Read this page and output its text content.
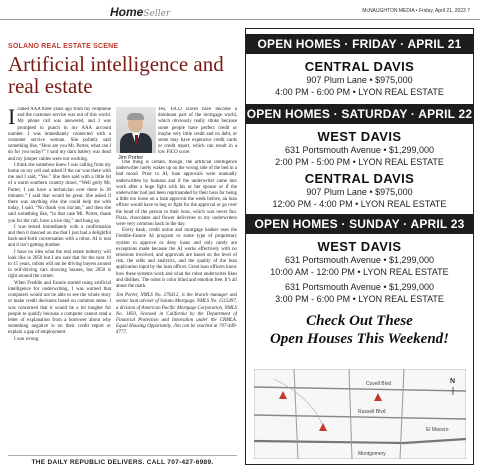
HomeSeller	McNAUGHTON MEDIA • Friday, April 21, 2023 7
SOLANO REAL ESTATE SCENE
Artificial intelligence and real estate

Icalled AAA three years ago from my cellphone and the customer service was out of this world. My phone call was answered, and I was prompted to punch in my AAA account number. I was immediately connected with a customer service woman. She politely said something like, “How are you Mr. Porter, what can I do for you today?” I said my darn battery was dead and my jumper cables were not working.

I think she somehow knew I was calling from my home on my cell and asked if the car was there with me and I said, “Yes.” She then said with a little bit of a warm southern country drawl, “Well golly Mr. Porter, I can have a technician over there in 30 minutes.” I said that would be great. She asked if there was anything else she could help me with today, I said, “No thank you ma’am,” and then she said something like, “in that case Mr. Porter, thank you for the call, have a nice day,” and hung up.

I was texted immediately with a confirmation and then it dawned on me that I just had a delightful back-and-forth conversation with a robot. AI is real and it isn’t getting dumber.

I have no idea what the real estate industry will look like in 2050 but I am sure that for the next 10 to 15 years, robots will not be driving buyers around in self-driving cars showing houses, but 2050 is right around the corner.

When Freddie and Fannie started using artificial intelligence for underwriting, I was warned that computers would not be able to see the whole story or make credit decisions based on common sense. I was concerned that it would be a lot tougher for people to qualify because a computer cannot read a letter of explanation from a borrower about why something negative is on their credit report or explain a gap of employment.

I was wrong.

Jim Porter

Yes, FICO scores have become a dominant part of the mortgage world, which obviously really stinks because some people have perfect credit or maybe very little credit and no debt, or some may have expensive credit cards or credit report, which can result in a low FICO score.

One thing is certain, though, the artificial intelligence underwriter rarely wakes up on the wrong side of the bed in a bad mood. Prior to AI, loan approvals were manually underwritten by humans and if the underwriter came into work after a huge fight with his or her spouse or if the underwriter had just been reprimanded by their boss for being a little too loose on a loan approval the week before, an loan officer would have to beg or fight for the approval or go over the head of the person to their boss, which was never fun. Pizza, chocolates and flower deliveries to my underwriters were very common back in the day.

Every bank, credit union and mortgage banker uses the Freddie-Fannie AI program or some type of proprietary system to approve or deny loans and only rarely are exceptions made because the AI works effectively with no emotions involved, and approvals are based on the level of risk, the odds and analytics, and the quality of the loan application input by the loan officer. Great loan officers know how these systems work and what the robot underwriter likes and dislikes. The robot is color blind and emotion free. It’s all about the math.

Jim Porter, NMLS No. 276412, is the branch manager and senior loan adviser of Solano Mortgage, NMLS No. 1515497, a division of American Pacific Mortgage Corporation, NMLS No. 1850, licensed in California by the Department of Financial Protection and Innovation under the CRMLA. Equal Housing Opportunity. Jim can be reached at 707-449-4777.

THE DAILY REPUBLIC DELIVERS. CALL 707-427-6989.
OPEN HOMES · FRIDAY · APRIL 21
CENTRAL DAVIS
907 Plum Lane • $975,000
4:00 PM - 6:00 PM • LYON REAL ESTATE
OPEN HOMES · SATURDAY · APRIL 22
WEST DAVIS
631 Portsmouth Avenue • $1,299,000
2:00 PM - 5:00 PM • LYON REAL ESTATE
CENTRAL DAVIS
907 Plum Lane • $975,000
12:00 PM - 4:00 PM • LYON REAL ESTATE
OPEN HOMES · SUNDAY · APRIL 23
WEST DAVIS
631 Portsmouth Avenue • $1,299,000
10:00 AM - 12:00 PM • LYON REAL ESTATE
631 Portsmouth Avenue • $1,299,000
3:00 PM - 6:00 PM • LYON REAL ESTATE
Check Out These
Open Houses This Weekend!
Covell Blvd
Russell Blvd
Montgomery
El Macero
N
